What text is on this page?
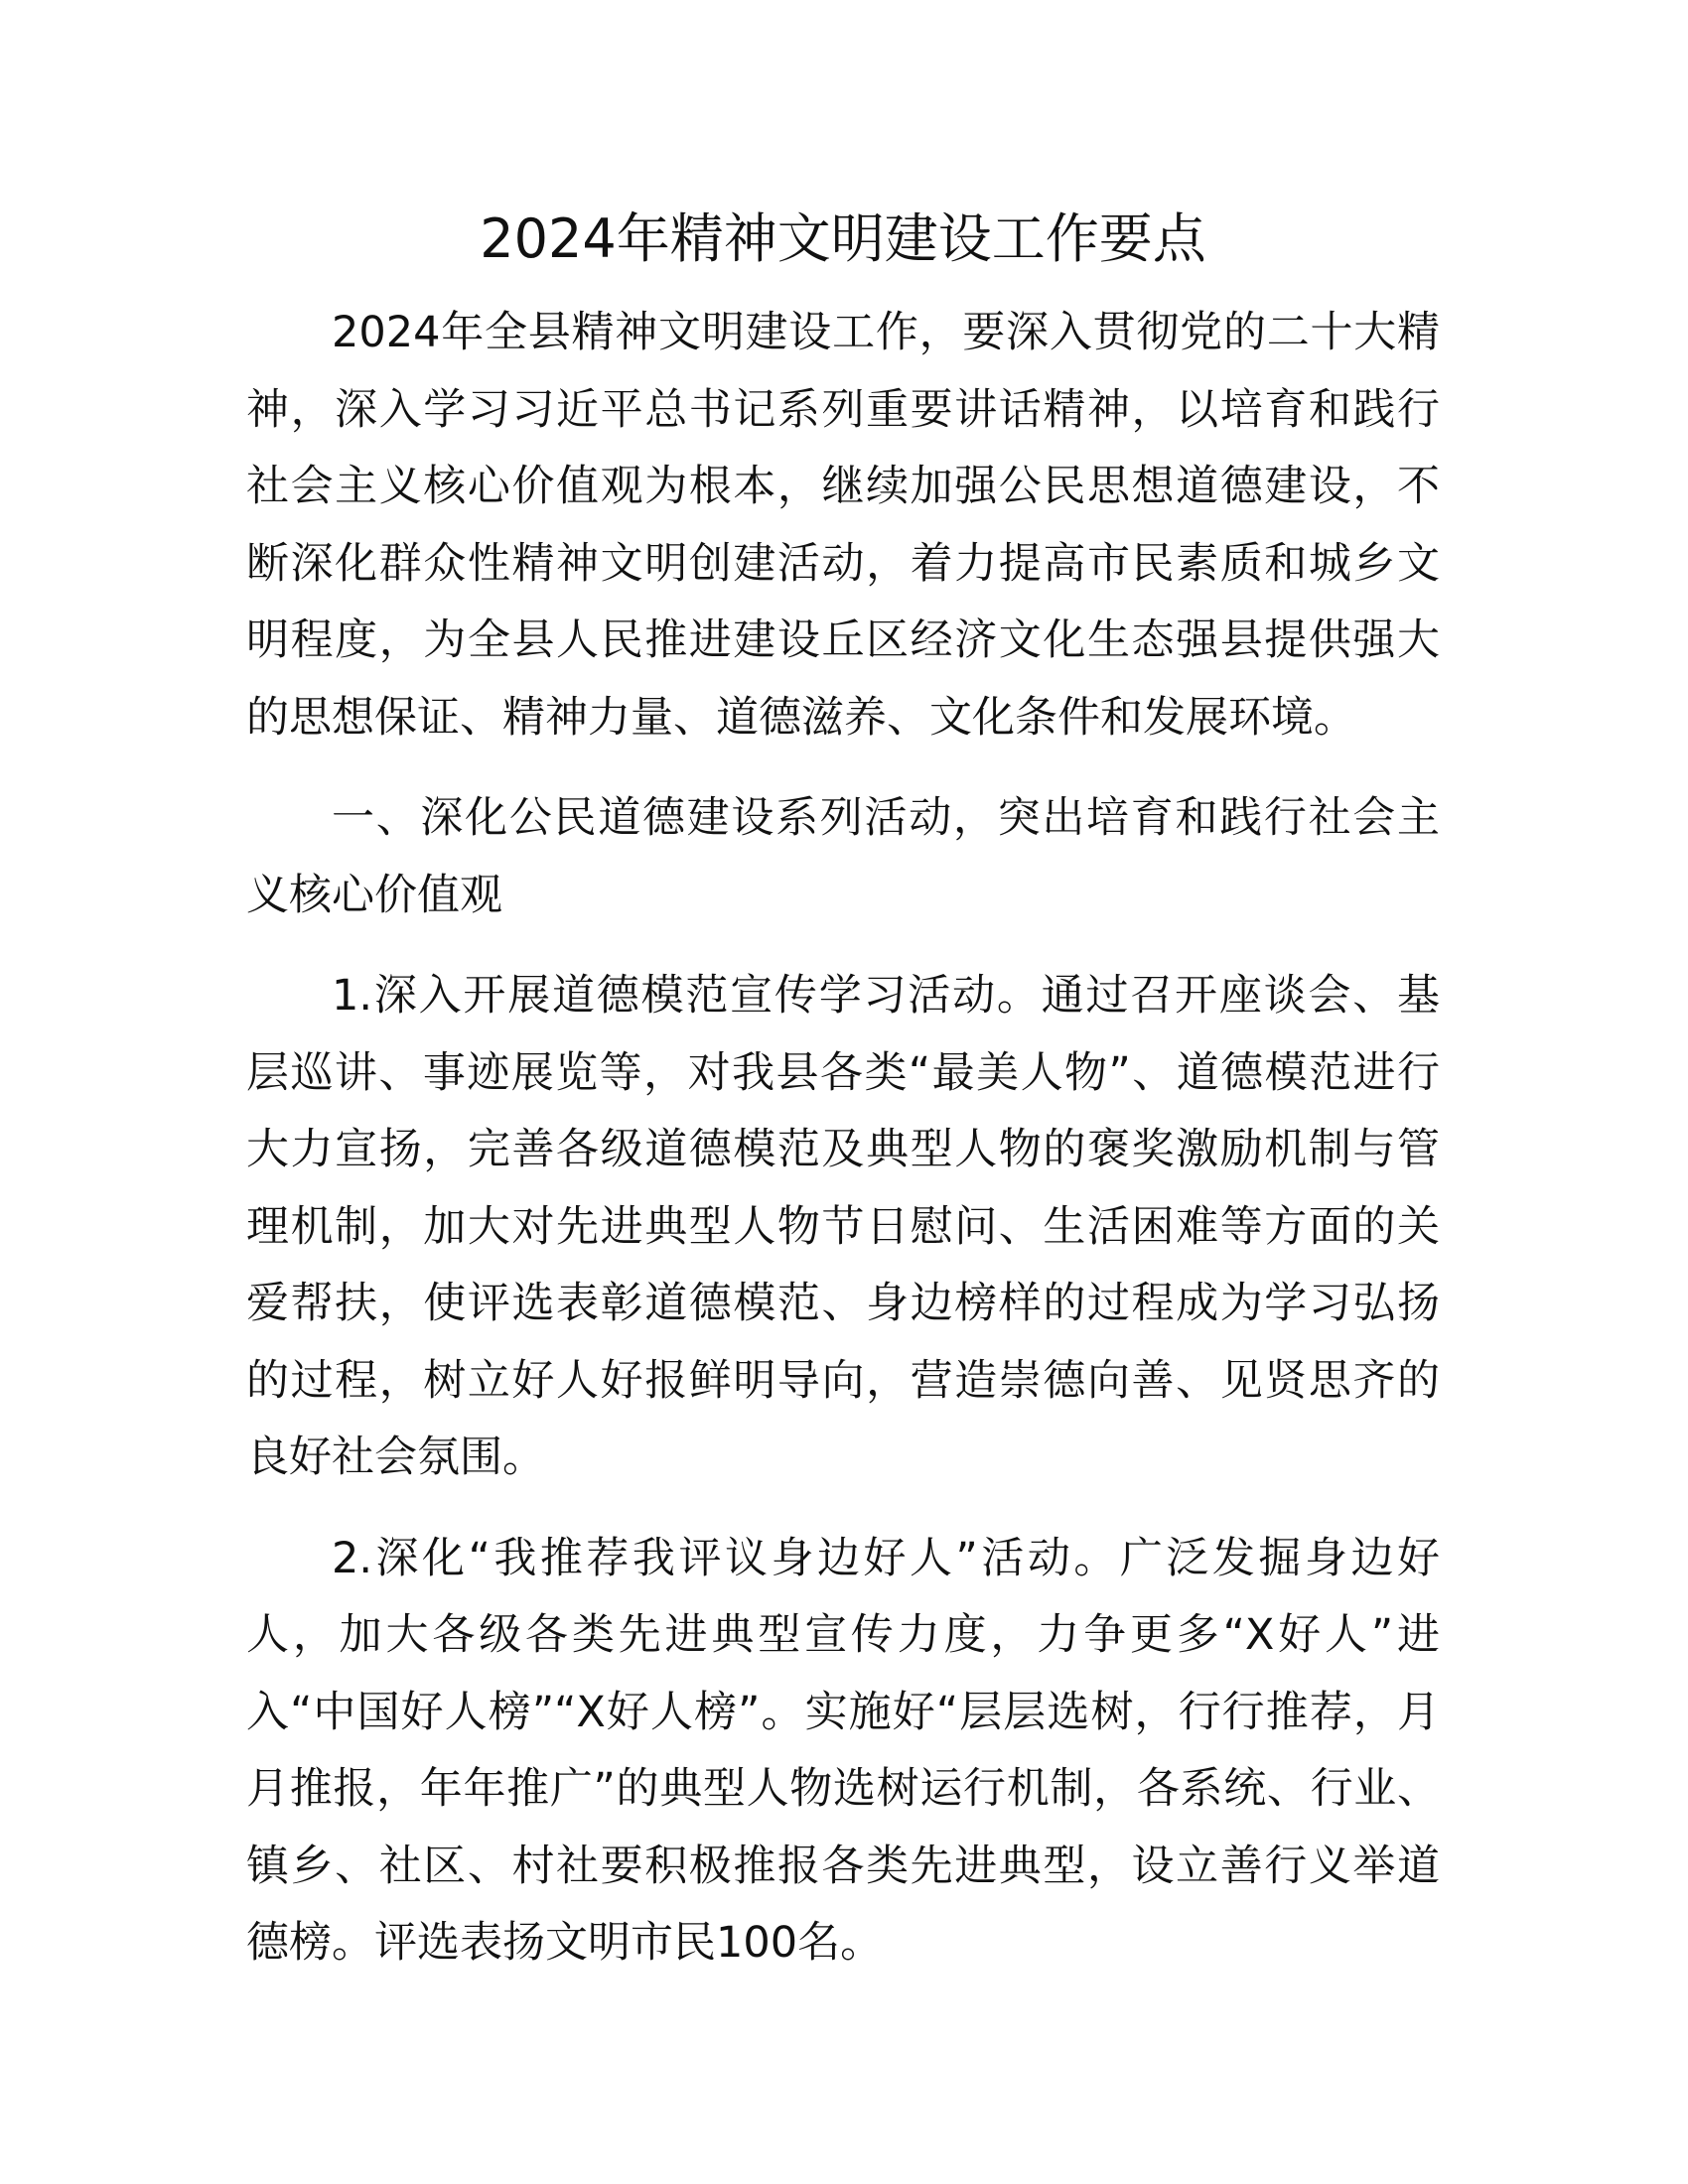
2024年精神文明建设工作要点

2024年全县精神文明建设工作，要深入贯彻党的二十大精神，深入学习习近平总书记系列重要讲话精神，以培育和践行社会主义核心价值观为根本，继续加强公民思想道德建设，不断深化群众性精神文明创建活动，着力提高市民素质和城乡文明程度，为全县人民推进建设丘区经济文化生态强县提供强大的思想保证、精神力量、道德滋养、文化条件和发展环境。

一、深化公民道德建设系列活动，突出培育和践行社会主义核心价值观

1.深入开展道德模范宣传学习活动。通过召开座谈会、基层巡讲、事迹展览等，对我县各类“最美人物”、道德模范进行大力宣扬，完善各级道德模范及典型人物的褒奖激励机制与管理机制，加大对先进典型人物节日慰问、生活困难等方面的关爱帮扶，使评选表彰道德模范、身边榜样的过程成为学习弘扬的过程，树立好人好报鲜明导向，营造崇德向善、见贤思齐的良好社会氛围。

2.深化“我推荐我评议身边好人”活动。广泛发掘身边好人，加大各级各类先进典型宣传力度，力争更多“X好人”进入“中国好人榜”“X好人榜”。实施好“层层选树，行行推荐，月月推报，年年推广”的典型人物选树运行机制，各系统、行业、镇乡、社区、村社要积极推报各类先进典型，设立善行义举道德榜。评选表扬文明市民100名。
